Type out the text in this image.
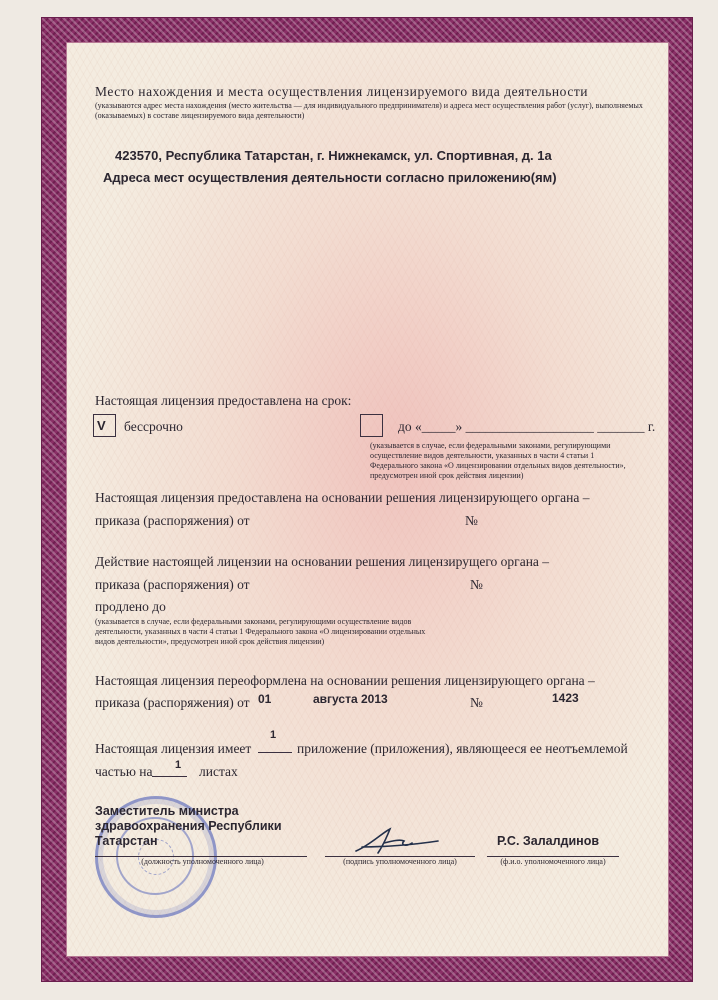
Место нахождения и места осуществления лицензируемого вида деятельности
(указываются адрес места нахождения (место жительства — для индивидуального предпринимателя) и адреса мест осуществления работ (услуг), выполняемых (оказываемых) в составе лицензируемого вида деятельности)
423570, Республика Татарстан, г. Нижнекамск, ул. Спортивная, д. 1а
Адреса мест осуществления деятельности согласно приложению(ям)
Настоящая лицензия предоставлена на срок:
V бессрочно	до «_____» ___________________ _______ г.
(указывается в случае, если федеральными законами, регулирующими осуществление видов деятельности, указанных в части 4 статьи 1 Федерального закона «О лицензировании отдельных видов деятельности», предусмотрен иной срок действия лицензии)
Настоящая лицензия предоставлена на основании решения лицензирующего органа –
приказа (распоряжения) от	№
Действие настоящей лицензии на основании решения лицензирущего органа –
приказа (распоряжения) от	№
продлено до
(указывается в случае, если федеральными законами, регулирующими осуществление видов деятельности, указанных в части 4 статьи 1 Федерального закона «О лицензировании отдельных видов деятельности», предусмотрен иной срок действия лицензии)
Настоящая лицензия переоформлена на основании решения лицензирующего органа –
приказа (распоряжения) от 01	августа 2013	№	1423
Настоящая лицензия имеет
1
приложение (приложения), являющееся ее неотъемлемой
частью на 1 листах
Заместитель министра здравоохранения Республики Татарстан
(должность уполномоченного лица)	(подпись уполномоченного лица)
Р.С. Залалдинов
(ф.и.о. уполномоченного лица)
